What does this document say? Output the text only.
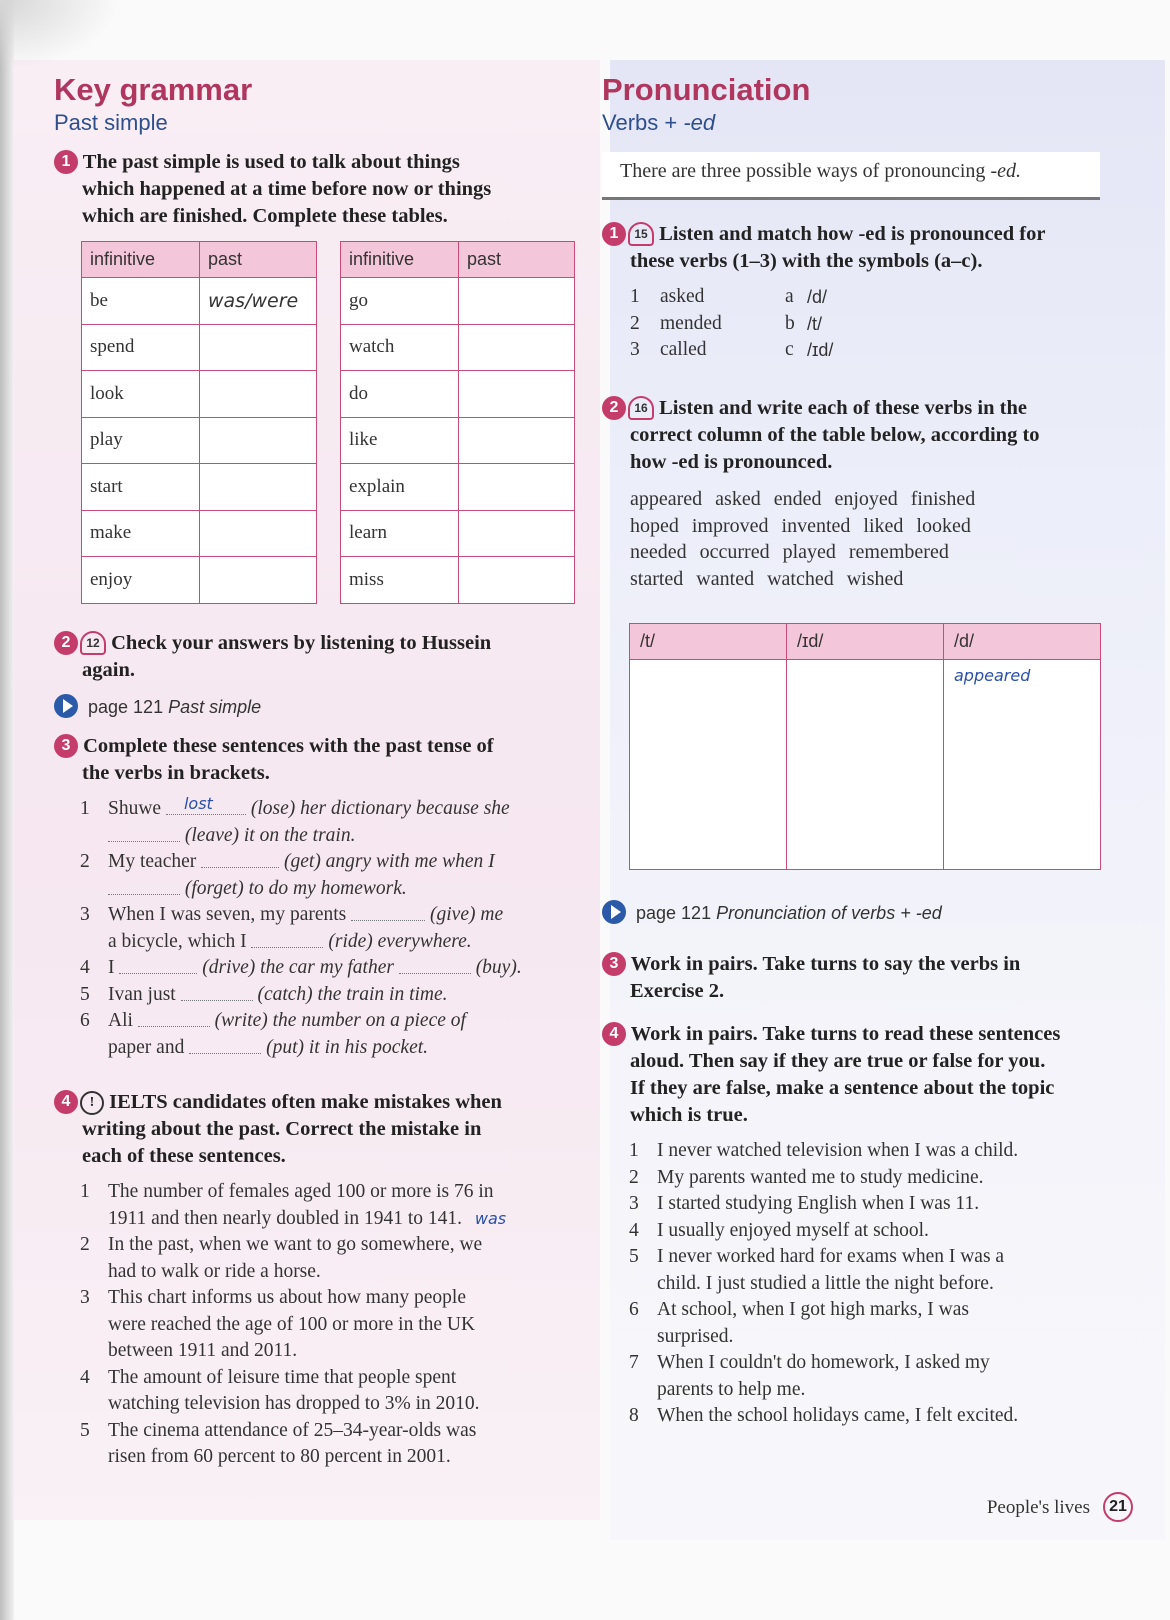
Key grammar
Past simple
1 The past simple is used to talk about things
which happened at a time before now or things
which are finished. Complete these tables.
infinitive	past
be	was/were
spend	
look	
play	
start	
make	
enjoy	
infinitive	past
go	
watch	
do	
like	
explain	
learn	
miss	
2 12 Check your answers by listening to Hussein
again.
page 121 Past simple
3 Complete these sentences with the past tense of
the verbs in brackets.
1 Shuwe lost (lose) her dictionary because she
(leave) it on the train.
2 My teacher	(get) angry with me when I
(forget) to do my homework.
3 When I was seven, my parents	(give) me
a bicycle, which I	(ride) everywhere.
4 I	(drive) the car my father	(buy).
5 Ivan just	(catch) the train in time.
6 Ali	(write) the number on a piece of
paper and	(put) it in his pocket.
4 ! IELTS candidates often make mistakes when
writing about the past. Correct the mistake in
each of these sentences.
1 The number of females aged 100 or more is 76 in
1911 and then nearly doubled in 1941 to 141. was
2 In the past, when we want to go somewhere, we
had to walk or ride a horse.
3 This chart informs us about how many people
were reached the age of 100 or more in the UK
between 1911 and 2011.
4 The amount of leisure time that people spent
watching television has dropped to 3% in 2010.
5 The cinema attendance of 25–34-year-olds was
risen from 60 percent to 80 percent in 2001.
Pronunciation
Verbs + -ed
There are three possible ways of pronouncing -ed.
1 15 Listen and match how -ed is pronounced for
these verbs (1–3) with the symbols (a–c).
1	asked	a /d/
2	mended	b /t/
3	called	c /ɪd/
2 16 Listen and write each of these verbs in the
correct column of the table below, according to
how -ed is pronounced.
appeared asked ended enjoyed finished
hoped improved invented liked looked
needed occurred played remembered
started wanted watched wished
/t/	/ɪd/	/d/
		appeared
page 121 Pronunciation of verbs + -ed
3 Work in pairs. Take turns to say the verbs in
Exercise 2.
4 Work in pairs. Take turns to read these sentences
aloud. Then say if they are true or false for you.
If they are false, make a sentence about the topic
which is true.
1 I never watched television when I was a child.
2 My parents wanted me to study medicine.
3 I started studying English when I was 11.
4 I usually enjoyed myself at school.
5 I never worked hard for exams when I was a
child. I just studied a little the night before.
6 At school, when I got high marks, I was
surprised.
7 When I couldn't do homework, I asked my
parents to help me.
8 When the school holidays came, I felt excited.
People's lives	21
